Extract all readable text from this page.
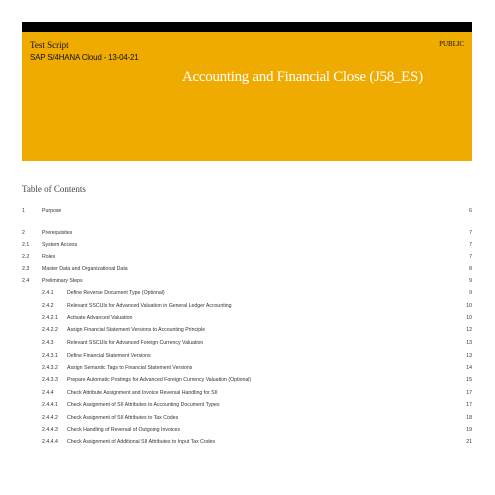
Test Script
SAP S/4HANA Cloud - 13-04-21
PUBLIC
Accounting and Financial Close (J58_ES)
Table of Contents
1	Purpose	6
2	Prerequisites	7
2.1 System Access	7
2.2 Roles	7
2.3 Master Data and Organizational Data	8
2.4 Preliminary Steps	9
2.4.1	Define Reverse Document Type (Optional)	9
2.4.2	Relevant SSCUIs for Advanced Valuation in General Ledger Accounting	10
2.4.2.1 Activate Advanced Valuation	10
2.4.2.2 Assign Financial Statement Versions to Accounting Principle	12
2.4.3	Relevant SSCUIs for Advanced Foreign Currency Valuation	13
2.4.3.1 Define Financial Statement Versions	13
2.4.3.2 Assign Semantic Tags to Financial Statement Versions	14
2.4.3.3 Prepare Automatic Postings for Advanced Foreign Currency Valuation (Optional)	15
2.4.4	Check Attribute Assignment and Invoice Reversal Handling for SII	17
2.4.4.1 Check Assignment of SII Attributes to Accounting Document Types	17
2.4.4.2 Check Assignment of SII Attributes to Tax Codes	18
2.4.4.3 Check Handling of Reversal of Outgoing Invoices	19
2.4.4.4 Check Assignment of Additional SII Attributes to Input Tax Codes	21
